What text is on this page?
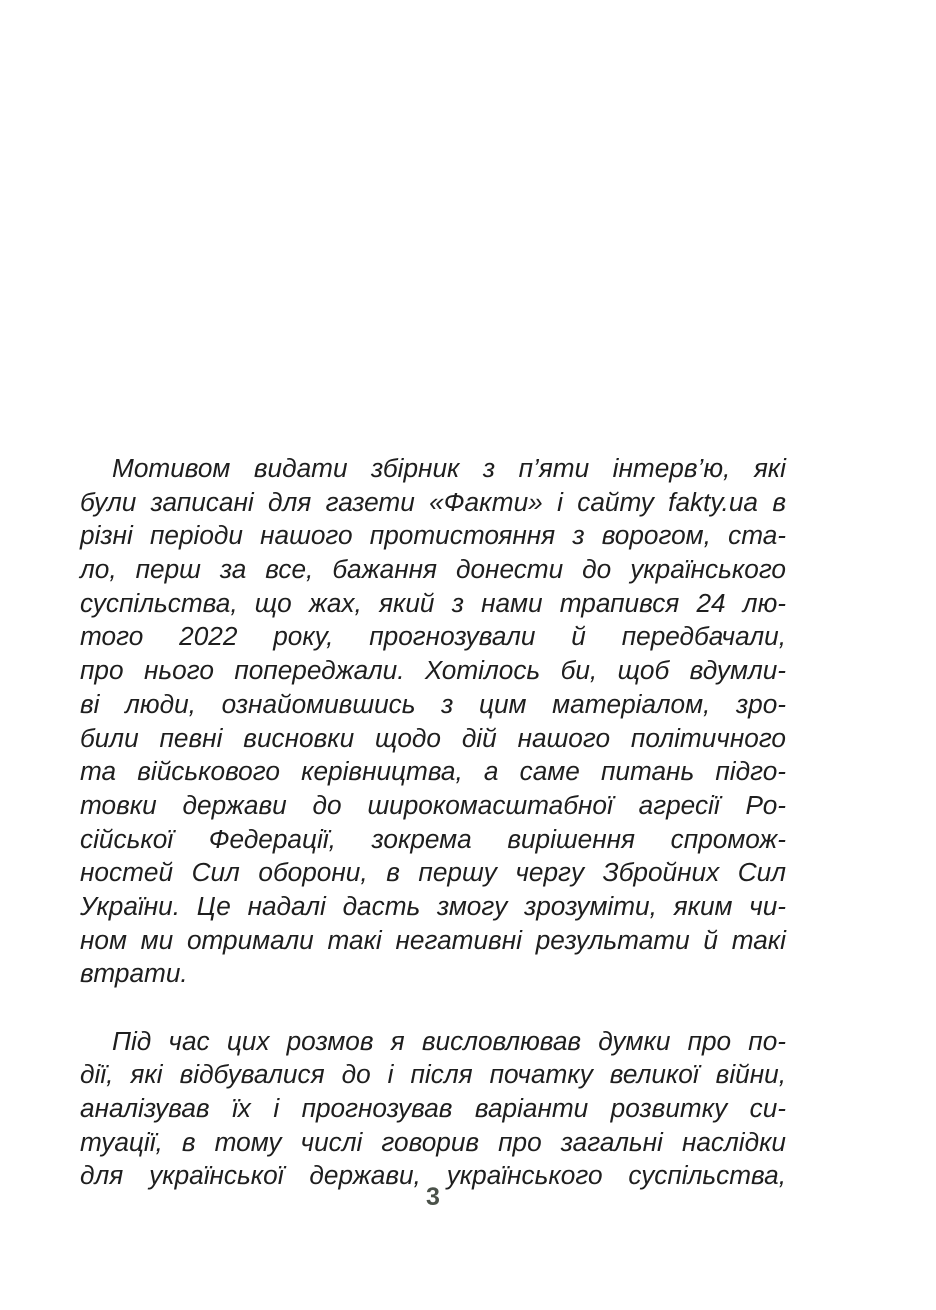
Мотивом видати збірник з п’яти інтерв’ю, які
були записані для газети «Факти» і сайту fakty.ua в
різні періоди нашого протистояння з ворогом, ста-
ло, перш за все, бажання донести до українського
суспільства, що жах, який з нами трапився 24 лю-
того 2022 року, прогнозували й передбачали,
про нього попереджали. Хотілось би, щоб вдумли-
ві люди, ознайомившись з цим матеріалом, зро-
били певні висновки щодо дій нашого політичного
та військового керівництва, а саме питань підго-
товки держави до широкомасштабної агресії Ро-
сійської Федерації, зокрема вирішення спромож-
ностей Сил оборони, в першу чергу Збройних Сил
України. Це надалі дасть змогу зрозуміти, яким чи-
ном ми отримали такі негативні результати й такі
втрати.
Під час цих розмов я висловлював думки про по-
дії, які відбувалися до і після початку великої війни,
аналізував їх і прогнозував варіанти розвитку си-
туації, в тому числі говорив про загальні наслідки
для української держави, українського суспільства,
3
